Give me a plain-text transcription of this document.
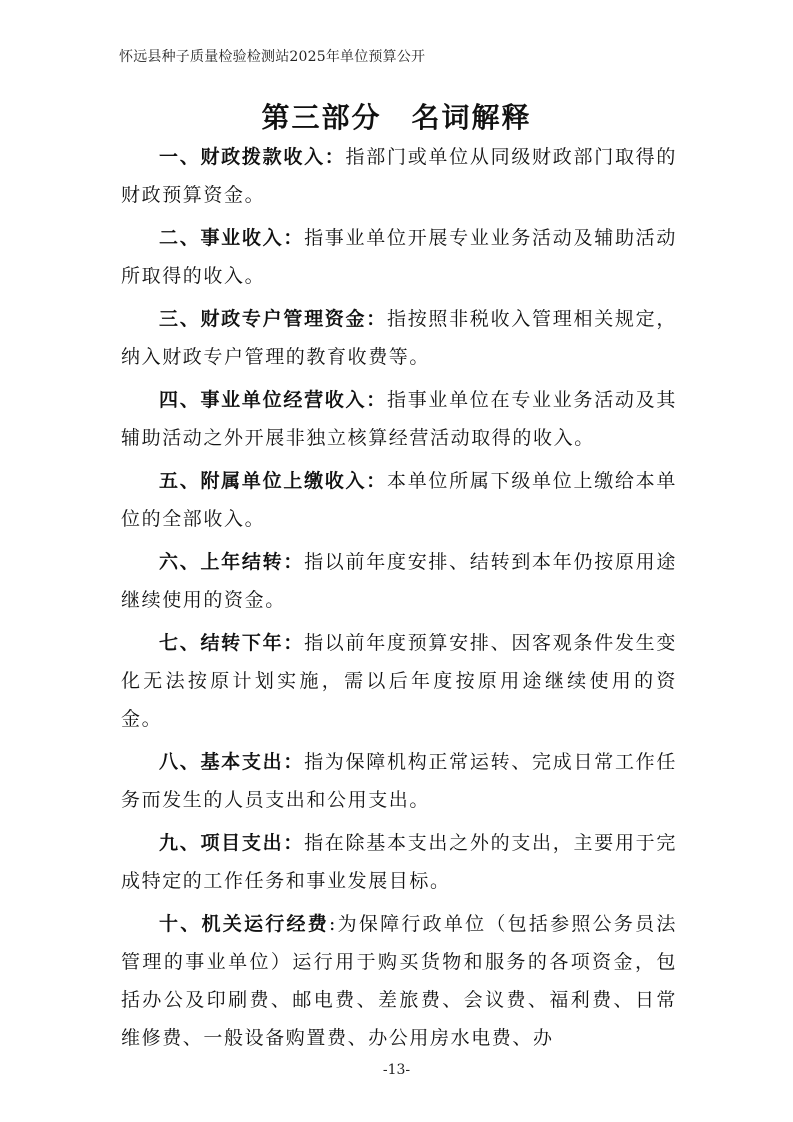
怀远县种子质量检验检测站2025年单位预算公开
第三部分　名词解释

一、财政拨款收入：指部门或单位从同级财政部门取得的财政预算资金。

二、事业收入：指事业单位开展专业业务活动及辅助活动所取得的收入。

三、财政专户管理资金：指按照非税收入管理相关规定，纳入财政专户管理的教育收费等。

四、事业单位经营收入：指事业单位在专业业务活动及其辅助活动之外开展非独立核算经营活动取得的收入。

五、附属单位上缴收入：本单位所属下级单位上缴给本单位的全部收入。

六、上年结转：指以前年度安排、结转到本年仍按原用途继续使用的资金。

七、结转下年：指以前年度预算安排、因客观条件发生变化无法按原计划实施，需以后年度按原用途继续使用的资金。

八、基本支出：指为保障机构正常运转、完成日常工作任务而发生的人员支出和公用支出。

九、项目支出：指在除基本支出之外的支出，主要用于完成特定的工作任务和事业发展目标。

十、机关运行经费:为保障行政单位（包括参照公务员法管理的事业单位）运行用于购买货物和服务的各项资金，包括办公及印刷费、邮电费、差旅费、会议费、福利费、日常维修费、一般设备购置费、办公用房水电费、办

-13-
